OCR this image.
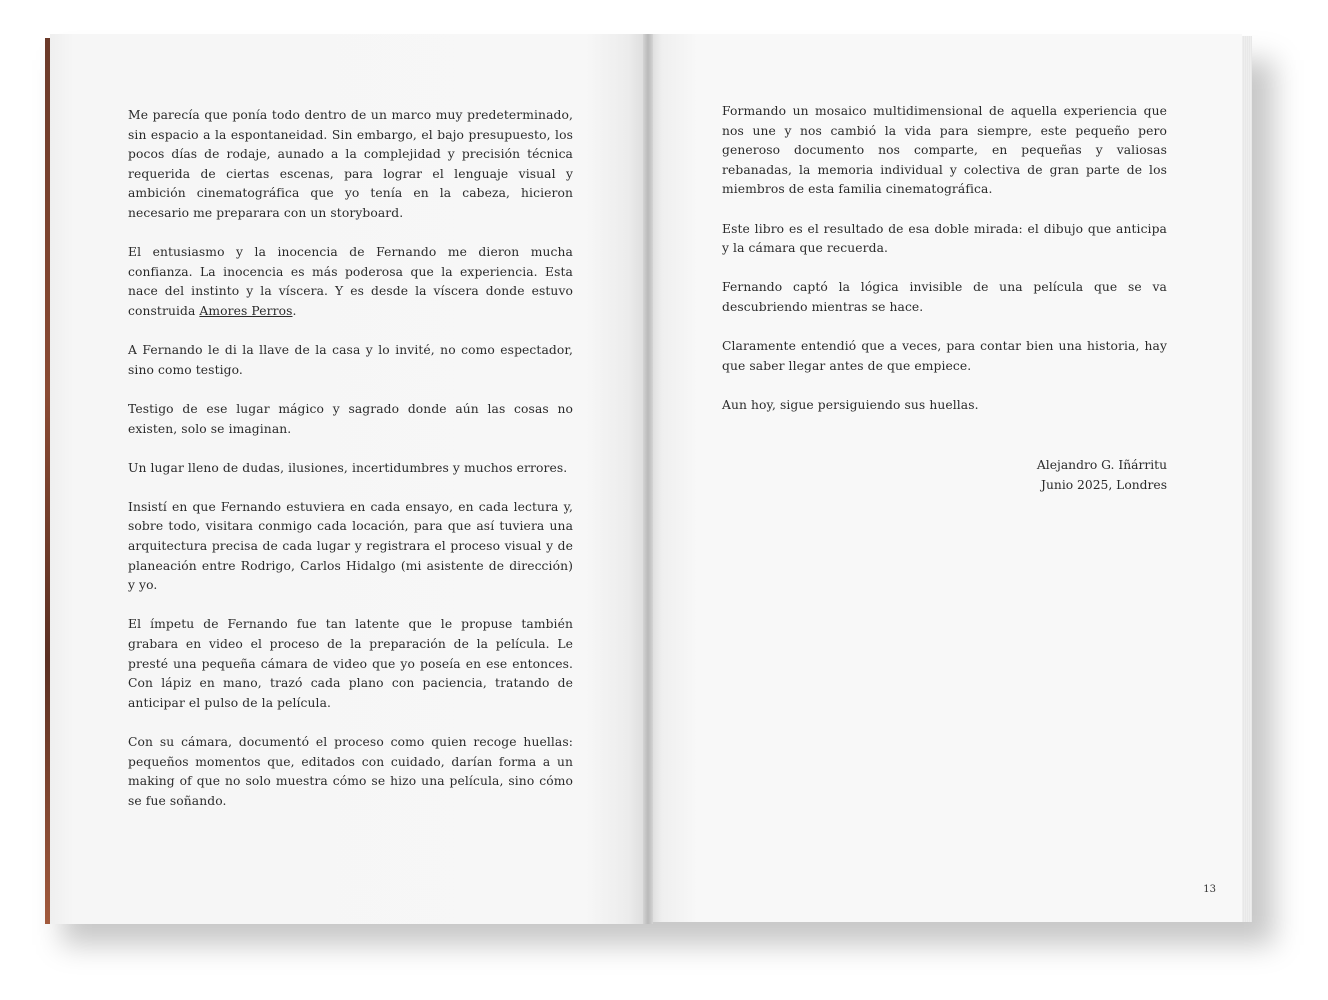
Me parecía que ponía todo dentro de un marco muy predeterminado, sin espacio a la espontaneidad. Sin embargo, el bajo presupuesto, los pocos días de rodaje, aunado a la complejidad y precisión técnica requerida de ciertas escenas, para lograr el lenguaje visual y ambición cinematográfica que yo tenía en la cabeza, hicieron necesario me preparara con un storyboard.

El entusiasmo y la inocencia de Fernando me dieron mucha confianza. La inocencia es más poderosa que la experiencia. Esta nace del instinto y la víscera. Y es desde la víscera donde estuvo construida Amores Perros.

A Fernando le di la llave de la casa y lo invité, no como espectador, sino como testigo.

Testigo de ese lugar mágico y sagrado donde aún las cosas no existen, solo se imaginan.

Un lugar lleno de dudas, ilusiones, incertidumbres y muchos errores.

Insistí en que Fernando estuviera en cada ensayo, en cada lectura y, sobre todo, visitara conmigo cada locación, para que así tuviera una arquitectura precisa de cada lugar y registrara el proceso visual y de planeación entre Rodrigo, Carlos Hidalgo (mi asistente de dirección) y yo.

El ímpetu de Fernando fue tan latente que le propuse también grabara en video el proceso de la preparación de la película. Le presté una pequeña cámara de video que yo poseía en ese entonces. Con lápiz en mano, trazó cada plano con paciencia, tratando de anticipar el pulso de la película.

Con su cámara, documentó el proceso como quien recoge huellas: pequeños momentos que, editados con cuidado, darían forma a un making of que no solo muestra cómo se hizo una película, sino cómo se fue soñando.

Formando un mosaico multidimensional de aquella experiencia que nos une y nos cambió la vida para siempre, este pequeño pero generoso documento nos comparte, en pequeñas y valiosas rebanadas, la memoria individual y colectiva de gran parte de los miembros de esta familia cinematográfica.

Este libro es el resultado de esa doble mirada: el dibujo que anticipa y la cámara que recuerda.

Fernando captó la lógica invisible de una película que se va descubriendo mientras se hace.

Claramente entendió que a veces, para contar bien una historia, hay que saber llegar antes de que empiece.

Aun hoy, sigue persiguiendo sus huellas.

Alejandro G. Iñárritu
Junio 2025, Londres
13
